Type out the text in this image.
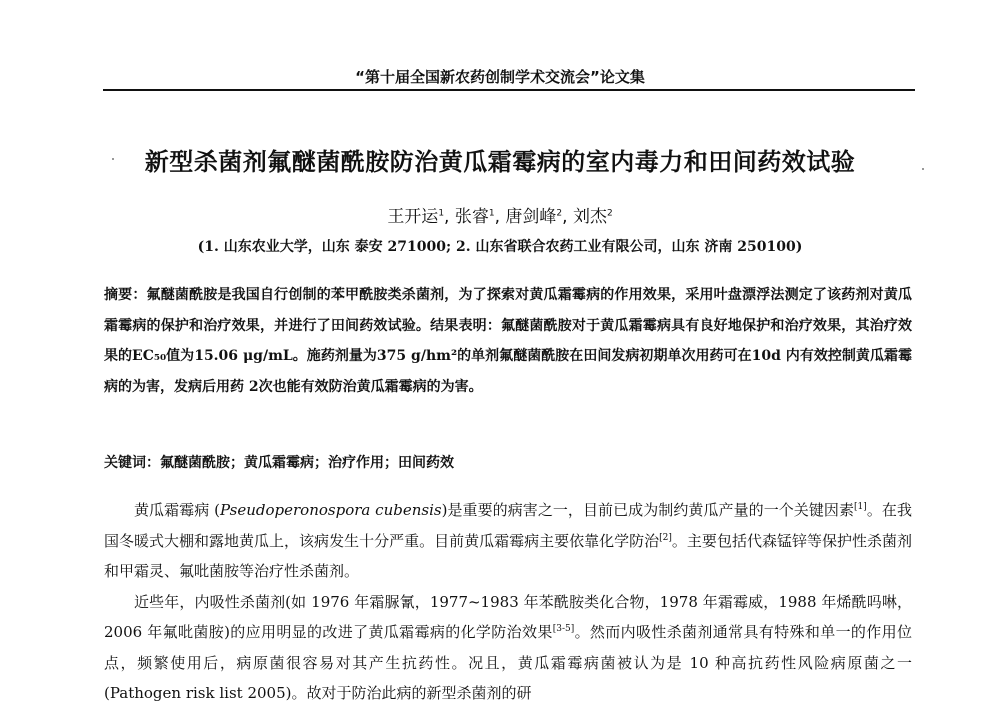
“第十届全国新农药创制学术交流会”论文集
新型杀菌剂氟醚菌酰胺防治黄瓜霜霉病的室内毒力和田间药效试验
王开运$^1$, 张睿$^1$, 唐剑峰$^2$, 刘杰$^2$
(1. 山东农业大学，山东 泰安 271000; 2. 山东省联合农药工业有限公司，山东 济南 250100)

摘要：氟醚菌酰胺是我国自行创制的苯甲酰胺类杀菌剂，为了探索对黄瓜霜霉病的作用效果，采用叶盘漂浮法测定了该药剂对黄瓜霜霉病的保护和治疗效果，并进行了田间药效试验。结果表明：氟醚菌酰胺对于黄瓜霜霉病具有良好地保护和治疗效果，其治疗效果的EC₅₀值为15.06 μg/mL。施药剂量为375 g/hm²的单剂氟醚菌酰胺在田间发病初期单次用药可在10d 内有效控制黄瓜霜霉病的为害，发病后用药 2次也能有效防治黄瓜霜霉病的为害。

关键词：氟醚菌酰胺；黄瓜霜霉病；治疗作用；田间药效

黄瓜霜霉病 (Pseudoperonospora cubensis)是重要的病害之一，目前已成为制约黄瓜产量的一个关键因素[1]。在我国冬暖式大棚和露地黄瓜上，该病发生十分严重。目前黄瓜霜霉病主要依靠化学防治[2]。主要包括代森锰锌等保护性杀菌剂和甲霜灵、氟吡菌胺等治疗性杀菌剂。

近些年，内吸性杀菌剂(如 1976 年霜脲氰，1977~1983 年苯酰胺类化合物，1978 年霜霉威，1988 年烯酰吗啉，2006 年氟吡菌胺)的应用明显的改进了黄瓜霜霉病的化学防治效果[3-5]。然而内吸性杀菌剂通常具有特殊和单一的作用位点，频繁使用后，病原菌很容易对其产生抗药性。况且，黄瓜霜霉病菌被认为是 10 种高抗药性风险病原菌之一(Pathogen risk list 2005)。故对于防治此病的新型杀菌剂的研
